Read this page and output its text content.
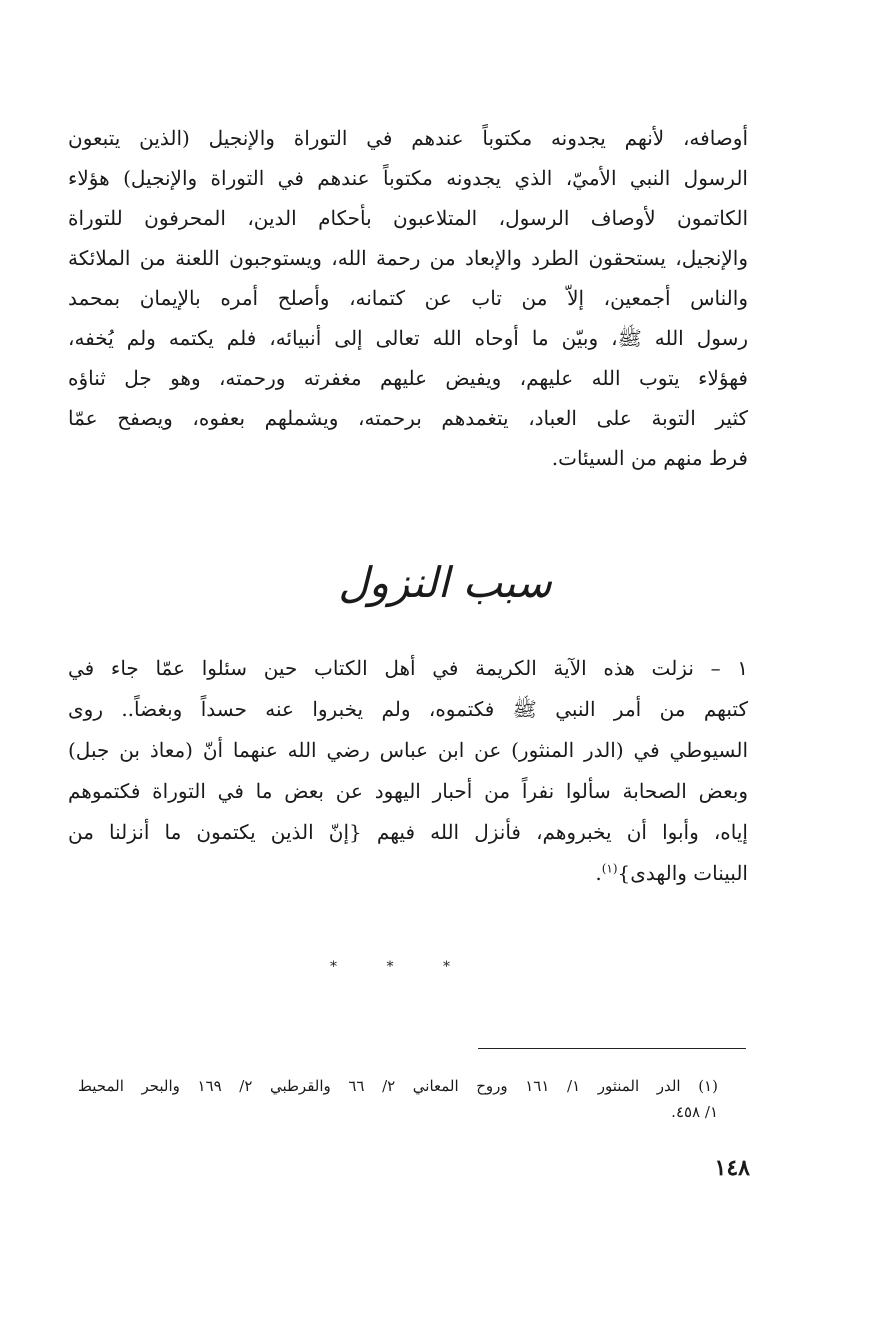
أوصافه، لأنهم يجدونه مكتوباً عندهم في التوراة والإنجيل (الذين يتبعون
الرسول النبي الأميّ، الذي يجدونه مكتوباً عندهم في التوراة والإنجيل) هؤلاء
الكاتمون لأوصاف الرسول، المتلاعبون بأحكام الدين، المحرفون للتوراة
والإنجيل، يستحقون الطرد والإبعاد من رحمة الله، ويستوجبون اللعنة من الملائكة
والناس أجمعين، إلاّ من تاب عن كتمانه، وأصلح أمره بالإيمان بمحمد
رسول الله ﷺ، وبيّن ما أوحاه الله تعالى إلى أنبيائه، فلم يكتمه ولم يُخفه،
فهؤلاء يتوب الله عليهم، ويفيض عليهم مغفرته ورحمته، وهو جل ثناؤه
كثير التوبة على العباد، يتغمدهم برحمته، ويشملهم بعفوه، ويصفح عمّا
فرط منهم من السيئات.
سبب النزول
١ – نزلت هذه الآية الكريمة في أهل الكتاب حين سئلوا عمّا جاء في
كتبهم من أمر النبي ﷺ فكتموه، ولم يخبروا عنه حسداً وبغضاً.. روى
السيوطي في (الدر المنثور) عن ابن عباس رضي الله عنهما أنّ (معاذ بن جبل)
وبعض الصحابة سألوا نفراً من أحبار اليهود عن بعض ما في التوراة فكتموهم
إياه، وأبوا أن يخبروهم، فأنزل الله فيهم {إنّ الذين يكتمون ما أنزلنا من
البينات والهدى}$^{(١)}$.
*	*	*
(١) الدر المنثور ١/ ١٦١ وروح المعاني ٢/ ٦٦ والقرطبي ٢/ ١٦٩ والبحر المحيط
١/ ٤٥٨.
١٤٨
